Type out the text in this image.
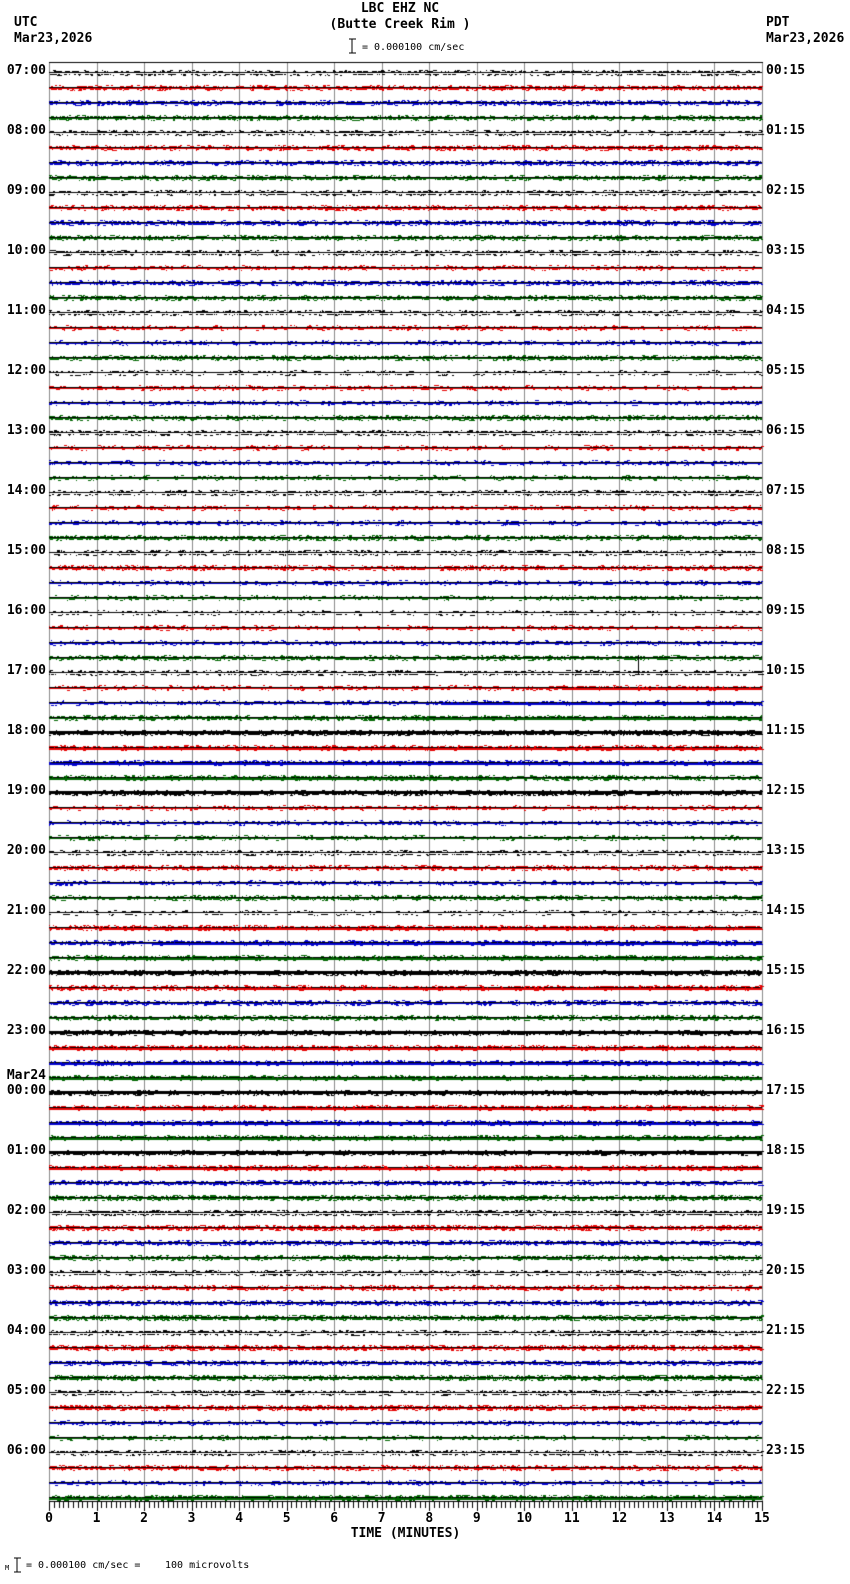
UTC
Mar23,2026
PDT
Mar23,2026
LBC EHZ NC
(Butte Creek Rim )
= 0.000100 cm/sec
07:00	00:15
08:00	01:15
09:00	02:15
10:00	03:15
11:00	04:15
12:00	05:15
13:00	06:15
14:00	07:15
15:00	08:15
16:00	09:15
17:00	10:15
18:00	11:15
19:00	12:15
20:00	13:15
21:00	14:15
22:00	15:15
23:00	16:15
00:00
Mar24
17:15
01:00	18:15
02:00	19:15
03:00	20:15
04:00	21:15
05:00	22:15
06:00	23:15
0	1	2	3	4	5	6	7	8	9	10	11	12	13	14	15
TIME (MINUTES)
M = 0.000100 cm/sec = 100 microvolts
